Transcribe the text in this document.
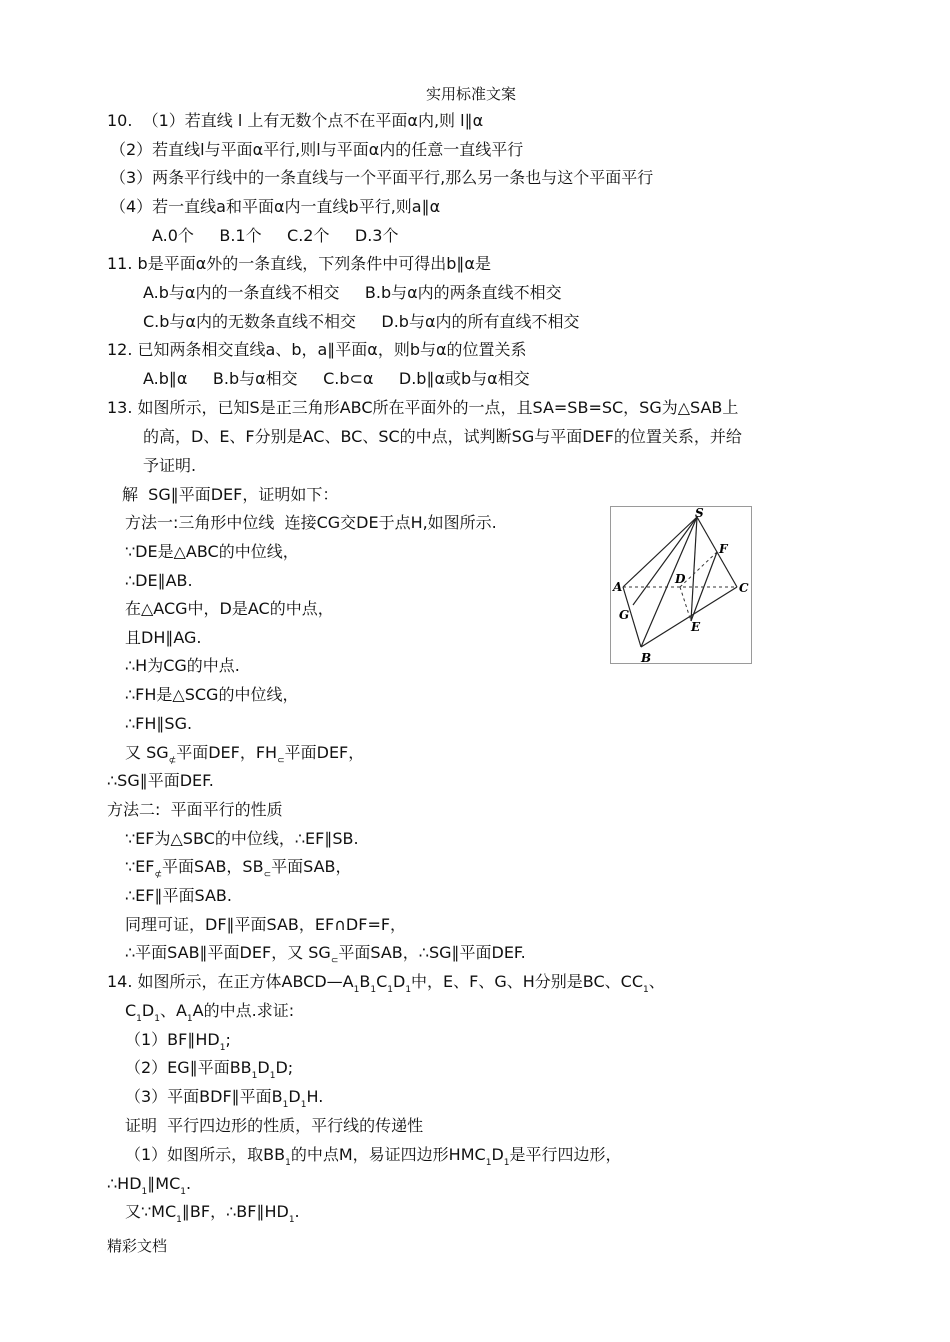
实用标准文案
10.  （1）若直线 l 上有无数个点不在平面α内,则 l∥α
（2）若直线l与平面α平行,则l与平面α内的任意一直线平行
（3）两条平行线中的一条直线与一个平面平行,那么另一条也与这个平面平行
（4）若一直线a和平面α内一直线b平行,则a∥α
A.0个     B.1个     C.2个     D.3个
11. b是平面α外的一条直线，下列条件中可得出b∥α是
A.b与α内的一条直线不相交     B.b与α内的两条直线不相交
C.b与α内的无数条直线不相交     D.b与α内的所有直线不相交
12. 已知两条相交直线a、b，a∥平面α，则b与α的位置关系
A.b∥α     B.b与α相交     C.b⊂α     D.b∥α或b与α相交
13. 如图所示，已知S是正三角形ABC所在平面外的一点，且SA=SB=SC，SG为△SAB上
的高，D、E、F分别是AC、BC、SC的中点，试判断SG与平面DEF的位置关系，并给
予证明.
解  SG∥平面DEF，证明如下：
方法一:三角形中位线  连接CG交DE于点H,如图所示.
∵DE是△ABC的中位线，
∴DE∥AB.
在△ACG中，D是AC的中点，
且DH∥AG.
∴H为CG的中点.
∴FH是△SCG的中位线，
∴FH∥SG.
又 $SG_⊄$平面DEF，$FH_\subset$平面DEF，
∴SG∥平面DEF.
方法二:  平面平行的性质
∵EF为△SBC的中位线，∴EF∥SB.
$\because EF_⊄$平面SAB，$SB_\subset$平面SAB，
∴EF∥平面SAB.
同理可证，DF∥平面SAB，EF∩DF=F，
∴平面SAB∥平面DEF，又 $SG_\subset$平面SAB，∴SG∥平面DEF.
S
F
A
D
C
G
E
B
14. 如图所示，在正方体$ABCD—A_1B_1C_1D_1$中，E、F、G、H分别是BC、$CC_1$、
$C_1D_1$、$A_1A$的中点.求证:
$(1)BF\parallel HD_1$;
（2）EG∥平面$BB_1D_1D$;
（3）平面BDF∥平面$B_1D_1H$.
证明  平行四边形的性质，平行线的传递性
（1）如图所示，取$BB_1$的中点M，易证四边形$HMC_1D_1$是平行四边形，
$\therefore HD_1\parallel MC_1$.
又$\because MC_1\parallel BF$，$\therefore BF\parallel HD_1$.
精彩文档
